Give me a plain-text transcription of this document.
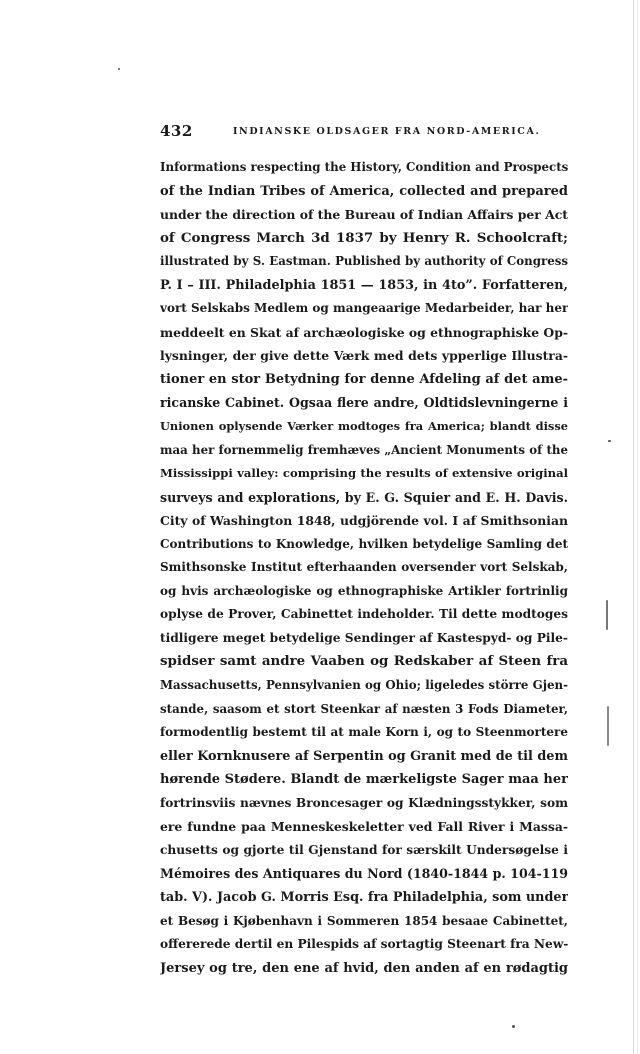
432	INDIANSKE OLDSAGER FRA NORD-AMERICA.
Informations respecting the History, Condition and Prospects
of the Indian Tribes of America, collected and prepared
under the direction of the Bureau of Indian Affairs per Act
of Congress March 3d 1837 by Henry R. Schoolcraft;
illustrated by S. Eastman. Published by authority of Congress
P. I – III. Philadelphia 1851 — 1853, in 4to”. Forfatteren,
vort Selskabs Medlem og mangeaarige Medarbeider, har her
meddeelt en Skat af archæologiske og ethnographiske Op-
lysninger, der give dette Værk med dets ypperlige Illustra-
tioner en stor Betydning for denne Afdeling af det ame-
ricanske Cabinet. Ogsaa flere andre, Oldtidslevningerne i
Unionen oplysende Værker modtoges fra America; blandt disse
maa her fornemmelig fremhæves „Ancient Monuments of the
Mississippi valley: comprising the results of extensive original
surveys and explorations, by E. G. Squier and E. H. Davis.
City of Washington 1848, udgjörende vol. I af Smithsonian
Contributions to Knowledge, hvilken betydelige Samling det
Smithsonske Institut efterhaanden oversender vort Selskab,
og hvis archæologiske og ethnographiske Artikler fortrinlig
oplyse de Prover, Cabinettet indeholder. Til dette modtoges
tidligere meget betydelige Sendinger af Kastespyd- og Pile-
spidser samt andre Vaaben og Redskaber af Steen fra
Massachusetts, Pennsylvanien og Ohio; ligeledes större Gjen-
stande, saasom et stort Steenkar af næsten 3 Fods Diameter,
formodentlig bestemt til at male Korn i, og to Steenmortere
eller Kornknusere af Serpentin og Granit med de til dem
hørende Stødere. Blandt de mærkeligste Sager maa her
fortrinsviis nævnes Broncesager og Klædningsstykker, som
ere fundne paa Menneskeskeletter ved Fall River i Massa-
chusetts og gjorte til Gjenstand for særskilt Undersøgelse i
Mémoires des Antiquares du Nord (1840-1844 p. 104-119
tab. V). Jacob G. Morris Esq. fra Philadelphia, som under
et Besøg i Kjøbenhavn i Sommeren 1854 besaae Cabinettet,
offererede dertil en Pilespids af sortagtig Steenart fra New-
Jersey og tre, den ene af hvid, den anden af en rødagtig
